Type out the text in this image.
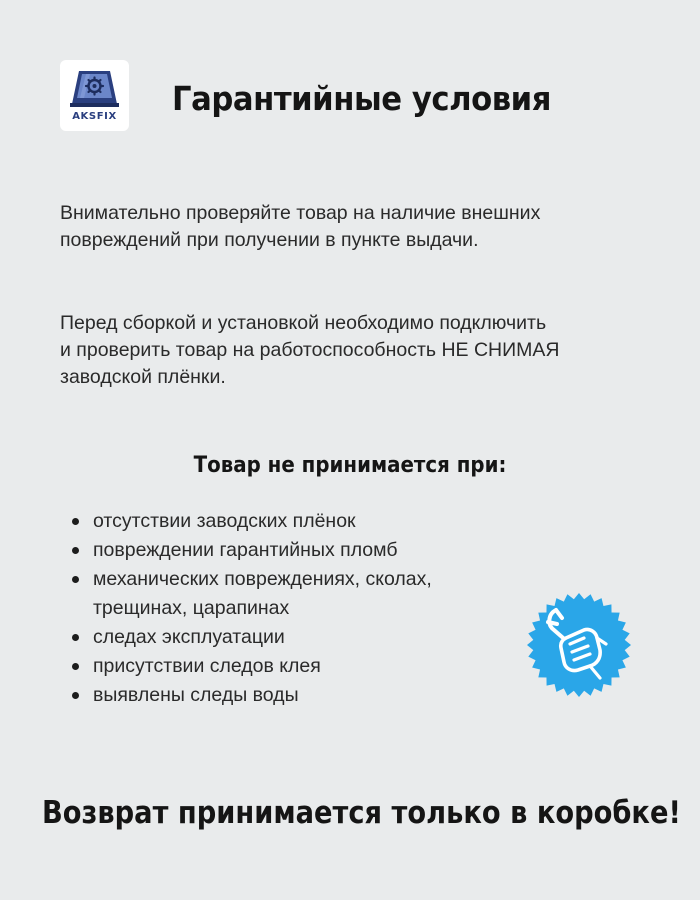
AKSFIX	Гарантийные условия

Внимательно проверяйте товар на наличие внешних
повреждений при получении в пункте выдачи.

Перед сборкой и установкой необходимо подключить
и проверить товар на работоспособность НЕ СНИМАЯ
заводской плёнки.

Товар не принимается при:
отсутствии заводских плёнок
повреждении гарантийных пломб
механических повреждениях, сколах,
трещинах, царапинах
следах эксплуатации
присутствии следов клея
выявлены следы воды

Возврат принимается только в коробке!
